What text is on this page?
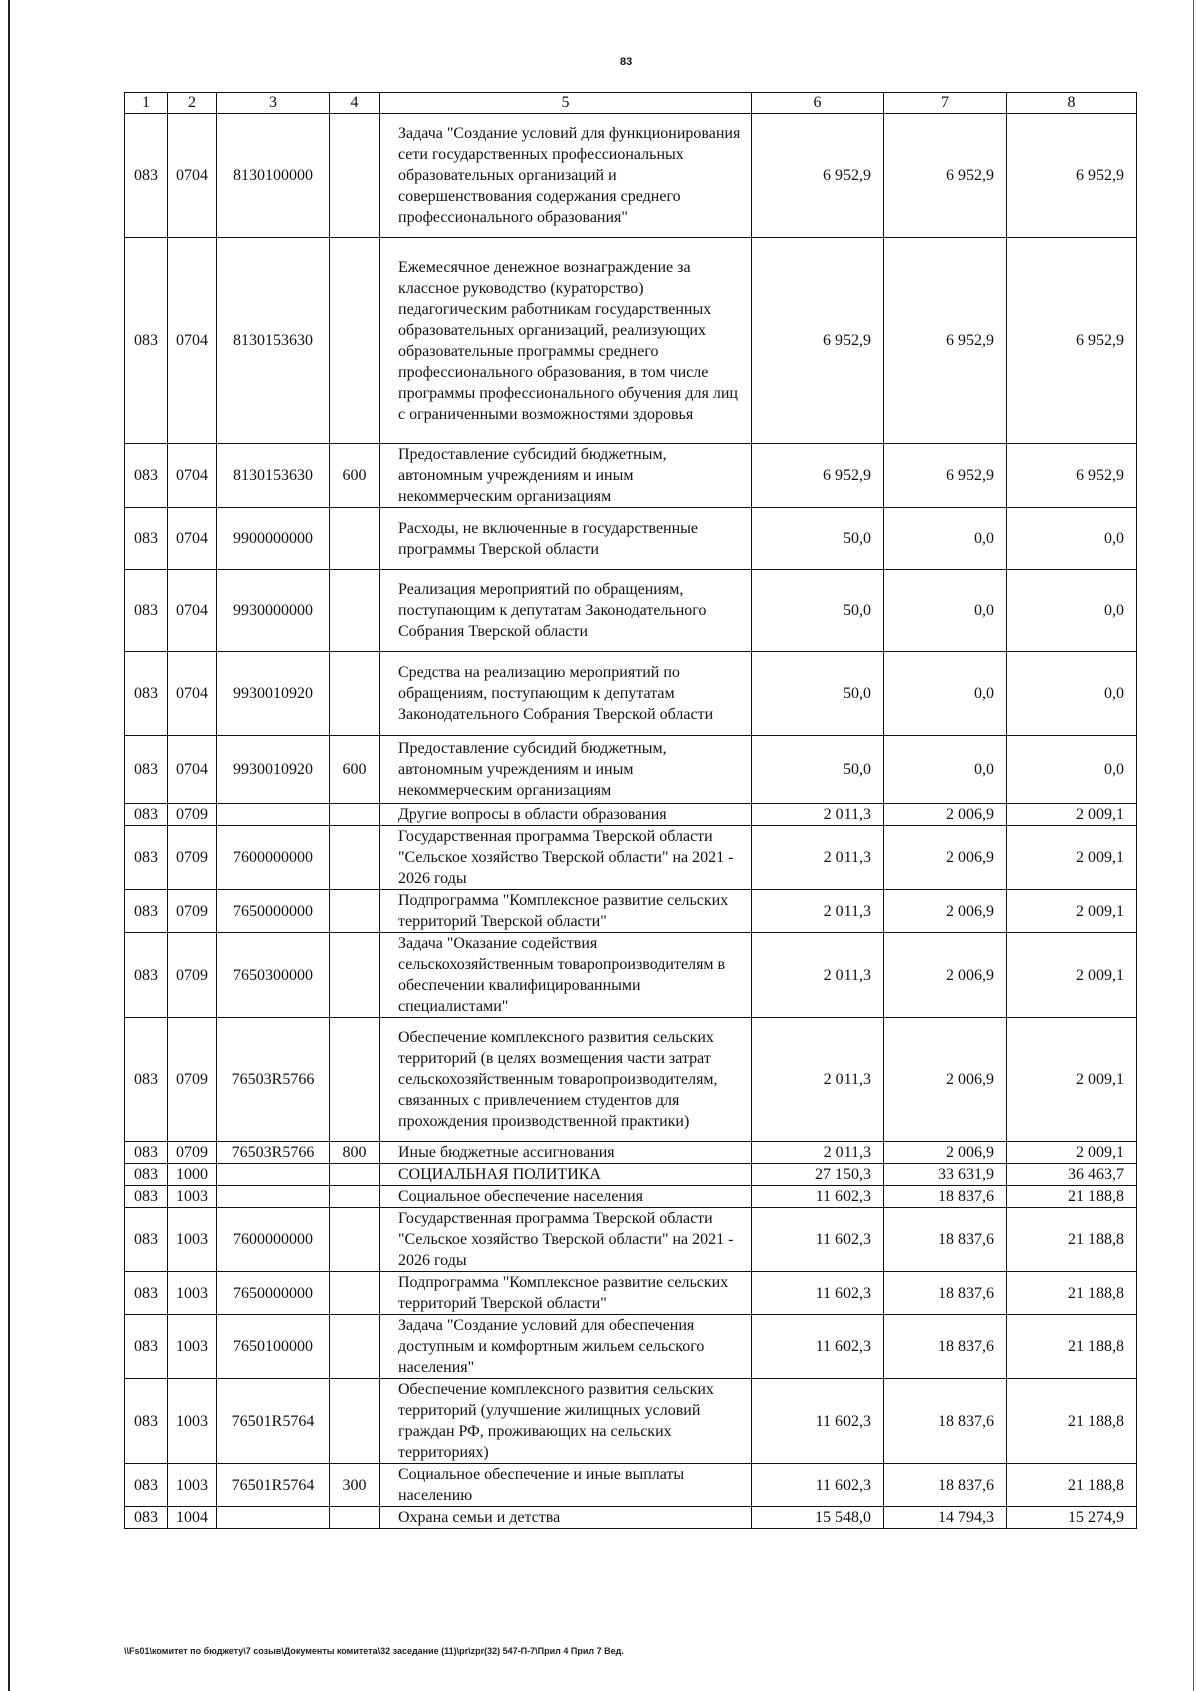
83
1	2	3	4	5	6	7	8
083	0704	8130100000		Задача "Создание условий для функционирования сети государственных профессиональных образовательных организаций и совершенствования содержания среднего профессионального образования"	6 952,9	6 952,9	6 952,9
083	0704	8130153630		Ежемесячное денежное вознаграждение за классное руководство (кураторство) педагогическим работникам государственных образовательных организаций, реализующих образовательные программы среднего профессионального образования, в том числе программы профессионального обучения для лиц с ограниченными возможностями здоровья	6 952,9	6 952,9	6 952,9
083	0704	8130153630	600	Предоставление субсидий бюджетным, автономным учреждениям и иным некоммерческим организациям	6 952,9	6 952,9	6 952,9
083	0704	9900000000		Расходы, не включенные в государственные программы Тверской области	50,0	0,0	0,0
083	0704	9930000000		Реализация мероприятий по обращениям, поступающим к депутатам Законодательного Собрания Тверской области	50,0	0,0	0,0
083	0704	9930010920		Средства на реализацию мероприятий по обращениям, поступающим к депутатам Законодательного Собрания Тверской области	50,0	0,0	0,0
083	0704	9930010920	600	Предоставление субсидий бюджетным, автономным учреждениям и иным некоммерческим организациям	50,0	0,0	0,0
083	0709			Другие вопросы в области образования	2 011,3	2 006,9	2 009,1
083	0709	7600000000		Государственная программа Тверской области "Сельское хозяйство Тверской области" на 2021 - 2026 годы	2 011,3	2 006,9	2 009,1
083	0709	7650000000		Подпрограмма "Комплексное развитие сельских территорий Тверской области"	2 011,3	2 006,9	2 009,1
083	0709	7650300000		Задача "Оказание содействия сельскохозяйственным товаропроизводителям в обеспечении квалифицированными специалистами"	2 011,3	2 006,9	2 009,1
083	0709	76503R5766		Обеспечение комплексного развития сельских территорий (в целях возмещения части затрат сельскохозяйственным товаропроизводителям, связанных с привлечением студентов для прохождения производственной практики)	2 011,3	2 006,9	2 009,1
083	0709	76503R5766	800	Иные бюджетные ассигнования	2 011,3	2 006,9	2 009,1
083	1000			СОЦИАЛЬНАЯ ПОЛИТИКА	27 150,3	33 631,9	36 463,7
083	1003			Социальное обеспечение населения	11 602,3	18 837,6	21 188,8
083	1003	7600000000		Государственная программа Тверской области "Сельское хозяйство Тверской области" на 2021 - 2026 годы	11 602,3	18 837,6	21 188,8
083	1003	7650000000		Подпрограмма "Комплексное развитие сельских территорий Тверской области"	11 602,3	18 837,6	21 188,8
083	1003	7650100000		Задача "Создание условий для обеспечения доступным и комфортным жильем сельского населения"	11 602,3	18 837,6	21 188,8
083	1003	76501R5764		Обеспечение комплексного развития сельских территорий (улучшение жилищных условий граждан РФ, проживающих на сельских территориях)	11 602,3	18 837,6	21 188,8
083	1003	76501R5764	300	Социальное обеспечение и иные выплаты населению	11 602,3	18 837,6	21 188,8
083	1004			Охрана семьи и детства	15 548,0	14 794,3	15 274,9
\\Fs01\комитет по бюджету\7 созыв\Документы комитета\32 заседание (11)\pr\zpr(32) 547-П-7\Прил 4 Прил 7 Вед.
